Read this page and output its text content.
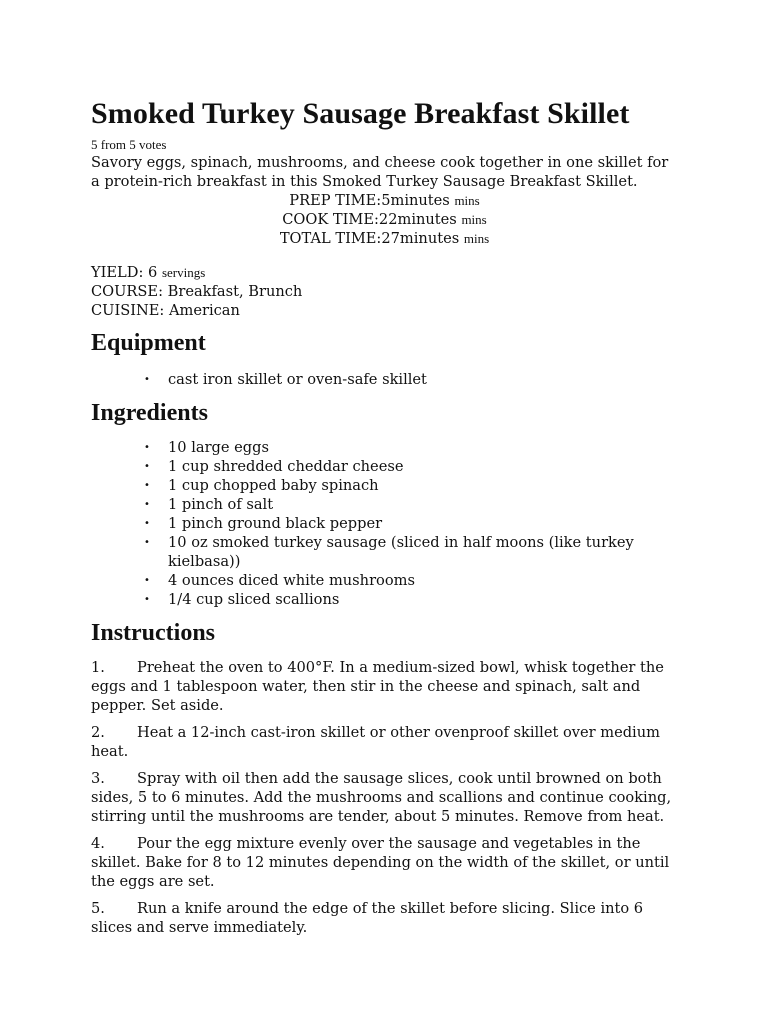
Smoked Turkey Sausage Breakfast Skillet
5 from 5 votes
Savory eggs, spinach, mushrooms, and cheese cook together in one skillet for a protein-rich breakfast in this Smoked Turkey Sausage Breakfast Skillet.
PREP TIME:5minutes mins
COOK TIME:22minutes mins
TOTAL TIME:27minutes mins
YIELD: 6 servings
COURSE: Breakfast, Brunch
CUISINE: American
Equipment
• cast iron skillet or oven-safe skillet
Ingredients
• 10 large eggs
• 1 cup shredded cheddar cheese
• 1 cup chopped baby spinach
• 1 pinch of salt
• 1 pinch ground black pepper
• 10 oz smoked turkey sausage (sliced in half moons (like turkey kielbasa))
• 4 ounces diced white mushrooms
• 1/4 cup sliced scallions
Instructions
1. Preheat the oven to 400°F. In a medium-sized bowl, whisk together the eggs and 1 tablespoon water, then stir in the cheese and spinach, salt and pepper. Set aside.
2. Heat a 12-inch cast-iron skillet or other ovenproof skillet over medium heat.
3. Spray with oil then add the sausage slices, cook until browned on both sides, 5 to 6 minutes. Add the mushrooms and scallions and continue cooking, stirring until the mushrooms are tender, about 5 minutes. Remove from heat.
4. Pour the egg mixture evenly over the sausage and vegetables in the skillet. Bake for 8 to 12 minutes depending on the width of the skillet, or until the eggs are set.
5. Run a knife around the edge of the skillet before slicing. Slice into 6 slices and serve immediately.
